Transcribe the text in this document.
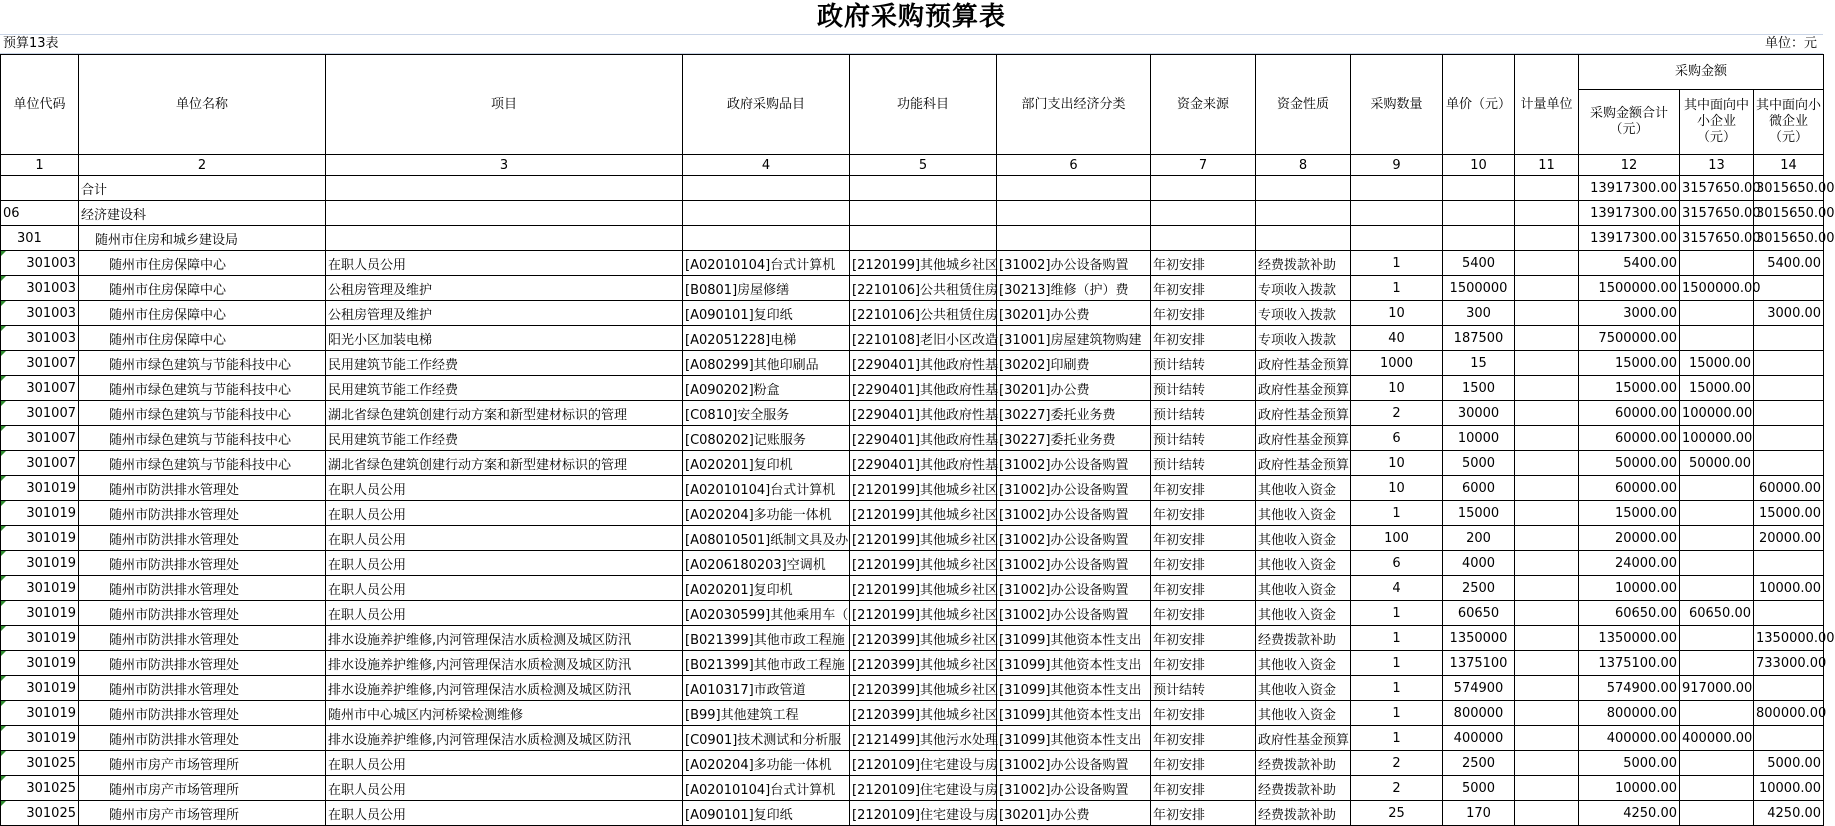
政府采购预算表
预算13表	单位：元
单位代码	单位名称	项目	政府采购品目	功能科目	部门支出经济分类	资金来源	资金性质	采购数量	单价（元）	计量单位	采购金额		
											采购金额合计（元）	其中面向中小企业（元）	其中面向小微企业（元）
1	2	3	4	5	6	7	8	9	10	11	12	13	14
	合计										13917300.00	3157650.00	3015650.00
06	经济建设科										13917300.00	3157650.00	3015650.00
301	随州市住房和城乡建设局										13917300.00	3157650.00	3015650.00
301003	随州市住房保障中心	在职人员公用	[A02010104]台式计算机	[2120199]其他城乡社区	[31002]办公设备购置	年初安排	经费拨款补助	1	5400		5400.00		5400.00
301003	随州市住房保障中心	公租房管理及维护	[B0801]房屋修缮	[2210106]公共租赁住房	[30213]维修（护）费	年初安排	专项收入拨款	1	1500000		1500000.00	1500000.00	
301003	随州市住房保障中心	公租房管理及维护	[A090101]复印纸	[2210106]公共租赁住房	[30201]办公费	年初安排	专项收入拨款	10	300		3000.00		3000.00
301003	随州市住房保障中心	阳光小区加装电梯	[A02051228]电梯	[2210108]老旧小区改造	[31001]房屋建筑物购建	年初安排	专项收入拨款	40	187500		7500000.00		
301007	随州市绿色建筑与节能科技中心	民用建筑节能工作经费	[A080299]其他印刷品	[2290401]其他政府性基	[30202]印刷费	预计结转	政府性基金预算	1000	15		15000.00	15000.00	
301007	随州市绿色建筑与节能科技中心	民用建筑节能工作经费	[A090202]粉盒	[2290401]其他政府性基	[30201]办公费	预计结转	政府性基金预算	10	1500		15000.00	15000.00	
301007	随州市绿色建筑与节能科技中心	湖北省绿色建筑创建行动方案和新型建材标识的管理	[C0810]安全服务	[2290401]其他政府性基	[30227]委托业务费	预计结转	政府性基金预算	2	30000		60000.00	100000.00	
301007	随州市绿色建筑与节能科技中心	民用建筑节能工作经费	[C080202]记账服务	[2290401]其他政府性基	[30227]委托业务费	预计结转	政府性基金预算	6	10000		60000.00	100000.00	
301007	随州市绿色建筑与节能科技中心	湖北省绿色建筑创建行动方案和新型建材标识的管理	[A020201]复印机	[2290401]其他政府性基	[31002]办公设备购置	预计结转	政府性基金预算	10	5000		50000.00	50000.00	
301019	随州市防洪排水管理处	在职人员公用	[A02010104]台式计算机	[2120199]其他城乡社区	[31002]办公设备购置	年初安排	其他收入资金	10	6000		60000.00		60000.00
301019	随州市防洪排水管理处	在职人员公用	[A020204]多功能一体机	[2120199]其他城乡社区	[31002]办公设备购置	年初安排	其他收入资金	1	15000		15000.00		15000.00
301019	随州市防洪排水管理处	在职人员公用	[A08010501]纸制文具及办	[2120199]其他城乡社区	[31002]办公设备购置	年初安排	其他收入资金	100	200		20000.00		20000.00
301019	随州市防洪排水管理处	在职人员公用	[A0206180203]空调机	[2120199]其他城乡社区	[31002]办公设备购置	年初安排	其他收入资金	6	4000		24000.00		
301019	随州市防洪排水管理处	在职人员公用	[A020201]复印机	[2120199]其他城乡社区	[31002]办公设备购置	年初安排	其他收入资金	4	2500		10000.00		10000.00
301019	随州市防洪排水管理处	在职人员公用	[A02030599]其他乘用车（	[2120199]其他城乡社区	[31002]办公设备购置	年初安排	其他收入资金	1	60650		60650.00	60650.00	
301019	随州市防洪排水管理处	排水设施养护维修,内河管理保洁水质检测及城区防汛	[B021399]其他市政工程施	[2120399]其他城乡社区	[31099]其他资本性支出	年初安排	经费拨款补助	1	1350000		1350000.00		1350000.00
301019	随州市防洪排水管理处	排水设施养护维修,内河管理保洁水质检测及城区防汛	[B021399]其他市政工程施	[2120399]其他城乡社区	[31099]其他资本性支出	年初安排	其他收入资金	1	1375100		1375100.00		733000.00
301019	随州市防洪排水管理处	排水设施养护维修,内河管理保洁水质检测及城区防汛	[A010317]市政管道	[2120399]其他城乡社区	[31099]其他资本性支出	预计结转	其他收入资金	1	574900		574900.00	917000.00	
301019	随州市防洪排水管理处	随州市中心城区内河桥梁检测维修	[B99]其他建筑工程	[2120399]其他城乡社区	[31099]其他资本性支出	年初安排	其他收入资金	1	800000		800000.00		800000.00
301019	随州市防洪排水管理处	排水设施养护维修,内河管理保洁水质检测及城区防汛	[C0901]技术测试和分析服	[2121499]其他污水处理	[31099]其他资本性支出	年初安排	政府性基金预算	1	400000		400000.00	400000.00	
301025	随州市房产市场管理所	在职人员公用	[A020204]多功能一体机	[2120109]住宅建设与房	[31002]办公设备购置	年初安排	经费拨款补助	2	2500		5000.00		5000.00
301025	随州市房产市场管理所	在职人员公用	[A02010104]台式计算机	[2120109]住宅建设与房	[31002]办公设备购置	年初安排	经费拨款补助	2	5000		10000.00		10000.00
301025	随州市房产市场管理所	在职人员公用	[A090101]复印纸	[2120109]住宅建设与房	[30201]办公费	年初安排	经费拨款补助	25	170		4250.00		4250.00
